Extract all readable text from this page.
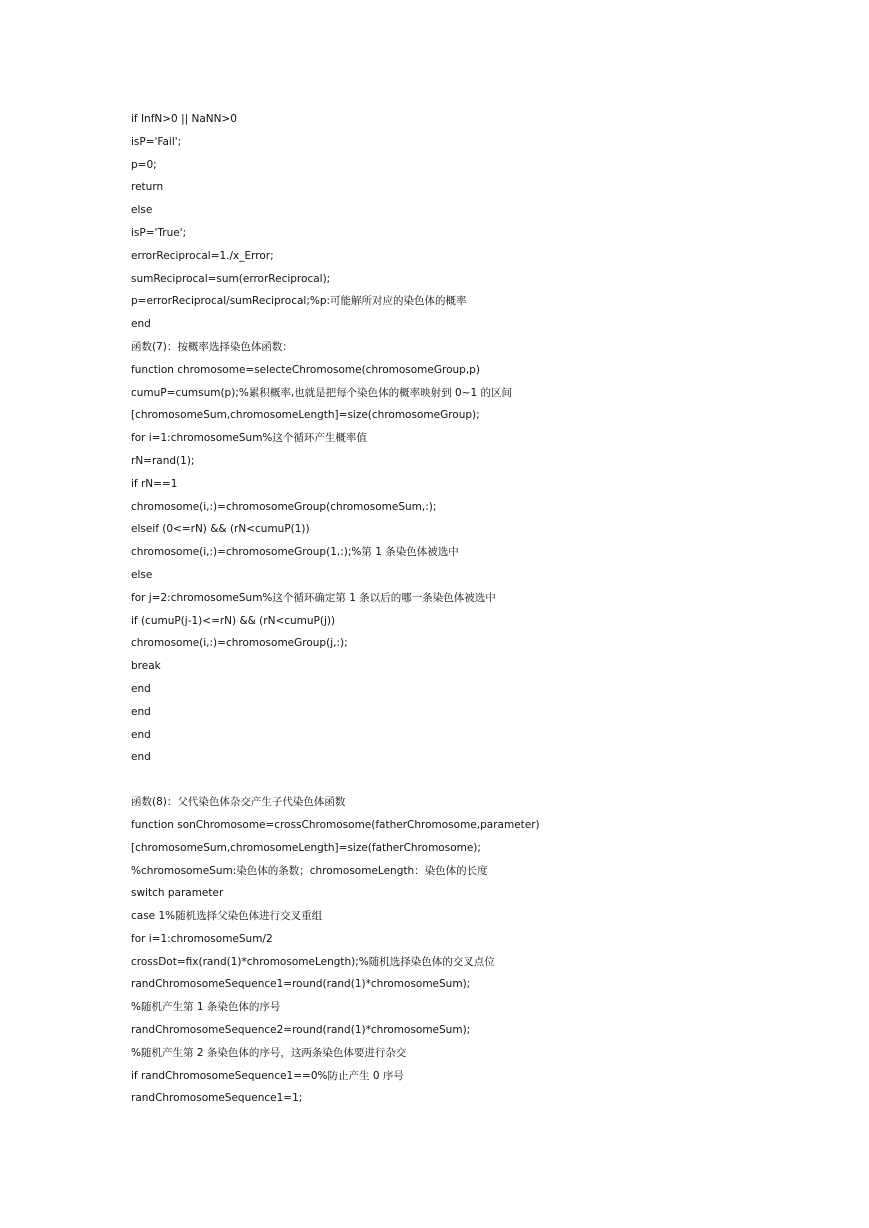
if InfN>0 || NaNN>0
isP='Fail';
p=0;
return
else
isP='True';
errorReciprocal=1./x_Error;
sumReciprocal=sum(errorReciprocal);
p=errorReciprocal/sumReciprocal;%p:可能解所对应的染色体的概率
end
函数(7)：按概率选择染色体函数：
function chromosome=selecteChromosome(chromosomeGroup,p)
cumuP=cumsum(p);%累积概率,也就是把每个染色体的概率映射到 0~1 的区间
[chromosomeSum,chromosomeLength]=size(chromosomeGroup);
for i=1:chromosomeSum%这个循环产生概率值
rN=rand(1);
if rN==1
chromosome(i,:)=chromosomeGroup(chromosomeSum,:);
elseif (0<=rN) && (rN<cumuP(1))
chromosome(i,:)=chromosomeGroup(1,:);%第 1 条染色体被选中
else
for j=2:chromosomeSum%这个循环确定第 1 条以后的哪一条染色体被选中
if (cumuP(j-1)<=rN) && (rN<cumuP(j))
chromosome(i,:)=chromosomeGroup(j,:);
break
end
end
end
end
函数(8)：父代染色体杂交产生子代染色体函数
function sonChromosome=crossChromosome(fatherChromosome,parameter)
[chromosomeSum,chromosomeLength]=size(fatherChromosome);
%chromosomeSum:染色体的条数；chromosomeLength：染色体的长度
switch parameter
case 1%随机选择父染色体进行交叉重组
for i=1:chromosomeSum/2
crossDot=fix(rand(1)*chromosomeLength);%随机选择染色体的交叉点位
randChromosomeSequence1=round(rand(1)*chromosomeSum);
%随机产生第 1 条染色体的序号
randChromosomeSequence2=round(rand(1)*chromosomeSum);
%随机产生第 2 条染色体的序号，这两条染色体要进行杂交
if randChromosomeSequence1==0%防止产生 0 序号
randChromosomeSequence1=1;
